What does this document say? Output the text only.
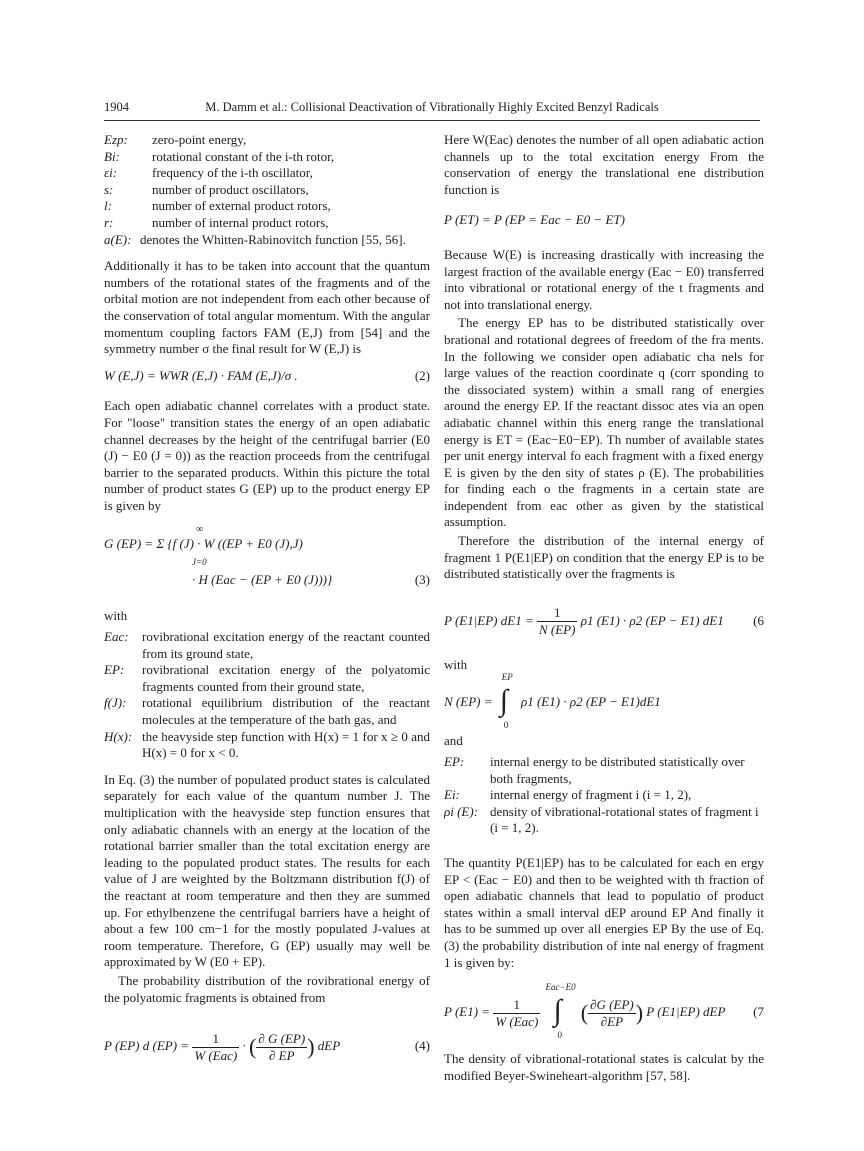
1904	M. Damm et al.: Collisional Deactivation of Vibrationally Highly Excited Benzyl Radicals
Ezp:	zero-point energy,
Bi:	rotational constant of the i-th rotor,
εi:	frequency of the i-th oscillator,
s:	number of product oscillators,
l:	number of external product rotors,
r:	number of internal product rotors,
a(E): denotes the Whitten-Rabinovitch function [55, 56].

Additionally it has to be taken into account that the quantum numbers of the rotational states of the fragments and of the orbital motion are not independent from each other because of the conservation of total angular momentum. With the angular momentum coupling factors FAM (E,J) from [54] and the symmetry number σ the final result for W (E,J) is

W (E,J) = WWR (E,J) · FAM (E,J)/σ .	(2)

Each open adiabatic channel correlates with a product state. For "loose" transition states the energy of an open adiabatic channel decreases by the height of the centrifugal barrier (E0 (J) − E0 (J = 0)) as the reaction proceeds from the centrifugal barrier to the separated products. Within this picture the total number of product states G (EP) up to the product energy EP is given by

∞
G (EP) = Σ {f (J) · W ((EP + E0 (J),J)
J=0
· H (Eac − (EP + E0 (J)))}	(3)

with

Eac:	rovibrational excitation energy of the reactant counted from its ground state,
EP:	rovibrational excitation energy of the polyatomic fragments counted from their ground state,
f(J):	rotational equilibrium distribution of the reactant molecules at the temperature of the bath gas, and
H(x): the heavyside step function with H(x) = 1 for x ≥ 0 and H(x) = 0 for x < 0.

In Eq. (3) the number of populated product states is calculated separately for each value of the quantum number J. The multiplication with the heavyside step function ensures that only adiabatic channels with an energy at the location of the rotational barrier smaller than the total excitation energy are leading to the populated product states. The results for each value of J are weighted by the Boltzmann distribution f(J) of the reactant at room temperature and then they are summed up. For ethylbenzene the centrifugal barriers have a height of about a few 100 cm−1 for the mostly populated J-values at room temperature. Therefore, G (EP) usually may well be approximated by W (E0 + EP).

The probability distribution of the rovibrational energy of the polyatomic fragments is obtained from

P (EP) d $(EP) = \frac{1}{\text{W (Eac)}}$ · ( $\frac{\partial G (EP)}{\partial EP}$ ) dEP	(4)

Here W(Eac) denotes the number of all open adiabatic action channels up to the total excitation energy From the conservation of energy the translational ene distribution function is

P (ET) = P (EP = Eac − E0 − ET)

Because W(E) is increasing drastically with increasing the largest fraction of the available energy (Eac − E0) transferred into vibrational or rotational energy of the t fragments and not into translational energy.

The energy EP has to be distributed statistically over brational and rotational degrees of freedom of the fra ments. In the following we consider open adiabatic cha nels for large values of the reaction coordinate q (corr sponding to the dissociated system) within a small rang of energies around the energy EP. If the reactant dissoc ates via an open adiabatic channel within this energ range the translational energy is ET = (Eac−E0−EP). Th number of available states per unit energy interval fo each fragment with a fixed energy E is given by the den sity of states ρ (E). The probabilities for finding each o the fragments in a certain state are independent from eac other as given by the statistical assumption.

Therefore the distribution of the internal energy of fragment 1 P(E1|EP) on condition that the energy EP is to be distributed statistically over the fragments is

P (E1|EP) $dE1 = \frac{1}{N (EP)} \rho 1$ (E1) · ρ2 (EP − E1) dE1 (6

with

N (EP) =
EP
∫
0
ρ1 (E1) · ρ2 (EP − E1)dE1

and

EP:	internal energy to be distributed statistically over both fragments,
Ei:	internal energy of fragment i (i = 1, 2),
ρi (E): density of vibrational-rotational states of fragment i (i = 1, 2).

The quantity P(E1|EP) has to be calculated for each en ergy EP < (Eac − E0) and then to be weighted with th fraction of open adiabatic channels that lead to populatio of product states within a small interval dEP around EP And finally it has to be summed up over all energies EP By the use of Eq. (3) the probability distribution of inte nal energy of fragment 1 is given by:

P $(E1) = \frac{1}{\text{W (Eac)}}$

Eac−E0
∫
0
( $\frac{\partial G (EP)}{\partial EP}$ ) P (E1|EP) dEP (7

The density of vibrational-rotational states is calculat by the modified Beyer-Swineheart-algorithm [57, 58].
